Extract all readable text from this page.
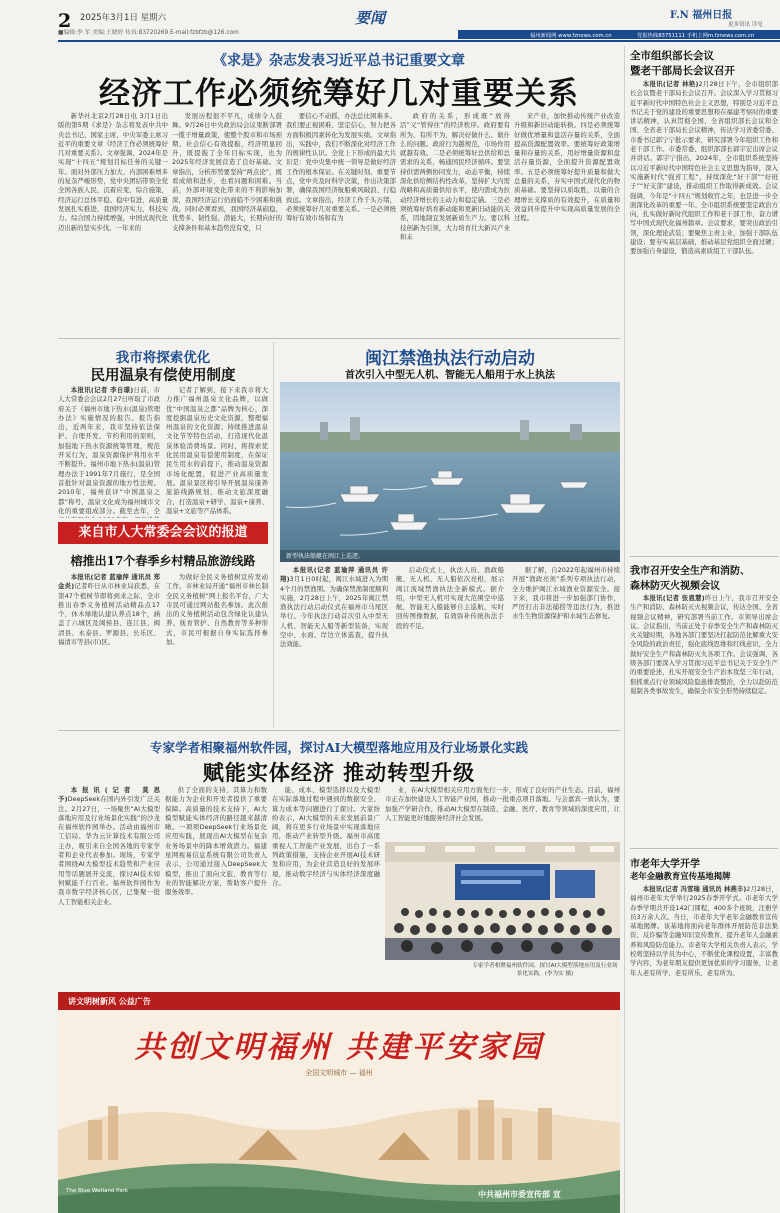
2 2025年3月1日 星期六	要闻
■编辑:李 军 美编:王晓婷 传真:83720269 E-mail:fzbfzb@126.com
F.N 福州日报
更多资讯 详见
福州新闻网 www.fznews.com.cn	党报热线83751111 手机上网m.fznews.com.cn
《求是》杂志发表习近平总书记重要文章
经济工作必须统筹好几对重要关系

新华社北京2月28日电 3月1日出版的第5期《求是》杂志将发表中共中央总书记、国家主席、中央军委主席习近平的重要文章《经济工作必须统筹好几对重要关系》。文章强调，2024年是实现“十四五”规划目标任务的关键一年。面对外部压力加大、内部困难增多的复杂严峻形势，党中央团结带领全党全国各族人民，沉着应变、综合施策，经济运行总体平稳、稳中有进，高质量发展扎实推进，我国经济实力、科技实力、综合国力持续增强，中国式现代化迈出新的坚实步伐。一年来的

发展历程很不平凡，成绩令人鼓舞。9月26日中央政治局会议果断部署一揽子增量政策，使整个股市和市场预期、社会信心有效提振，经济明显回升，既提振了全年目标实现，也为2025年经济发展营造了良好基础。文章指出，分析形势要坚持“两点论”，既看成绩和进步，也看问题和困难。当前，外部环境变化带来的不利影响加深，我国经济运行仍面临不少困难和挑战。同时必须看到，我国经济基础稳、优势多、韧性强、潜能大，长期向好的支撑条件和基本趋势没有变，只

要信心不动摇，办法总比困难多。我们要正视困难、坚定信心，努力把各方面积极因素转化为发展实绩。文章指出，实践中，我们不断深化对经济工作的规律性认识。全党上下形成的最大共识是：党中央集中统一领导是做好经济工作的根本保证。在关键时刻、重要节点，党中央及时科学决策，作出决策部署，确保我国经济航船乘风破浪、行稳致远。文章指出，经济工作千头万绪，必须统筹好几对重要关系。一是必须统筹好有效市场和有为

政府的关系，形成既“放得活”又“管得住”的经济秩序。政府要有所为、有所不为，解决好做什么、做什么的问题。政府行为越规范，市场作用就越有效。二是必须统筹好总供给和总需求的关系，畅通国民经济循环。要坚持供需两侧协同发力，动态平衡，持续深化供给侧结构性改革，坚持扩大内需战略和高质量供给水平，使内需成为拉动经济增长的主动力和稳定锚。三是必须统筹好培育新动能和更新旧动能的关系，因地制宜发展新质生产力。要以科技创新为引领，大力培育壮大新兴产业和未

来产业，加快推动传统产业改造升级和新旧动能转换。四是必须统筹好做优增量和盘活存量的关系，全面提高资源配置效率。要统筹好政策增量和存量的关系，用好增量资源和盘活存量资源，全面提升资源配置效率。五是必须统筹好提升质量和做大总量的关系，夯实中国式现代化的物质基础。要坚持以质取胜，以量的合理增长支撑质的有效提升，在质量和效益同步提升中实现高质量发展的全过程。

我市将探索优化
民用温泉有偿使用制度

本报讯(记者 李自璟)日前，市人大常委会会议2月27日听取了市政府关于《福州市地下热水(温泉)管理办法》实施情况的报告。报告指出，近两年来，我市坚持依法保护、合理开发、节约利用的原则，加强地下热水资源统筹管理，规范开采行为，温泉资源保护利用水平不断提升。福州市地下热水(温泉)管理办法于1991年7月施行，是全国首批针对温泉资源的地方性法规。2010年，福州获评“中国温泉之都”称号，温泉文化成为福州城市文化的重要组成部分。截至去年，全

记者了解到，接下来我市将大力推广福州温泉文化品牌，以做优“中国温泉之都”品牌为核心，深度挖掘温泉历史文化资源，整理福州温泉的文化资源；持续推进温泉文化节等特色活动，打造现代化温泉体验消费场景。同时，将探索优化民用温泉有偿使用制度，在保证民生用水的前提下，推动温泉资源市场化配置，促进产业高质量发展。温泉景区将引导开展温泉康养旅游线路规划，推动文旅深度融合，打造温泉+研学、温泉+康养、温泉+文旅等产品体系。

来自市人大常委会会议的报道
榕推出17个春季乡村精品旅游线路

本报讯(记者 蓝瑜萍 通讯员 郑金炎)记者昨日从市林业局获悉，在第47个植树节即将到来之际，全市推出春季义务植树活动精品点17个，休木绿地认建认养点18个，涵盖了六城区及闽侯县、连江县、闽清县、永泰县、罗源县、长乐区、福清市等县(市)区。

为做好全民义务植树宣传发动工作，市林业局开通“福州市林长制全民义务植树”网上报名平台，广大市民可通过网站报名参加。此次推出的义务植树活动包含绿化认建认养、抚育管护、自然教育等多种形式，市民可根据自身实际选择参加。

闽江禁渔执法行动启动
首次引入中型无人机、智能无人船用于水上执法
新型执法船艇在闽江上巡逻。

本报讯(记者 蓝瑜萍 通讯员 许翔)3月1日0时起，闽江水域进入为期4个月的禁渔期。为确保禁渔制度顺利实施，2月28日上午，2025年闽江禁渔执法行动启动仪式在福州市马尾区举行。今年执法行动首次引入中型无人机、智能无人船等新型装备，实现空中、水面、岸边立体巡查，提升执法效能。

启动仪式上，执法人员、渔政船艇、无人机、无人船依次亮相，展示闽江流域禁渔执法全新模式。据介绍，中型无人机可实现大范围空中巡航，智能无人船能够自主巡航、实时回传图像数据，有效弥补传统执法手段的不足。

据了解，自2022年起福州市持续开展“渔政亮剑”系列专项执法行动，全力维护闽江水域渔业资源安全。接下来，我市将进一步加强部门协作，严厉打击非法捕捞等违法行为，推进水生生物资源保护和水域生态修复。

专家学者相聚福州软件园，探讨AI大模型落地应用及行业场景化实践
赋能实体经济 推动转型升级

本报讯(记者 莫思予)DeepSeek在国内外引发广泛关注。2月27日，一场聚焦“AI大模型落地应用及行业场景化实践”的沙龙在福州软件园举办。活动由福州市工信局、华为云计算技术有限公司主办，吸引来自全国各地的专家学者和企业代表参加。现场，专家学者围绕AI大模型技术趋势和产业应用等话题展开交流，探讨AI技术如何赋能千行百业。福州软件园作为我市数字经济核心区，已集聚一批人工智能相关企业。

供了全面的支持，其算力和数据能力为企业和开发者提供了重要保障。高质量的技术支持下，AI大模型赋能实体经济的路径越来越清晰。一项项DeepSeek行业场景化应用实践，展现出AI大模型在复杂业务场景中的降本增效潜力。福建星网视易信息系统有限公司负责人表示，公司通过接入DeepSeek大模型，推出了面向文旅、教育等行业的智能解决方案，帮助客户提升服务效率。

能、成本、模型选择以及大模型在实际落地过程中遇到的数据安全、算力成本等问题进行了探讨。大家纷纷表示，AI大模型的未来发展前景广阔，将在更多行业场景中实现落地应用，推动产业转型升级。福州市高度重视人工智能产业发展，出台了一系列政策措施，支持企业开展AI技术研发和应用，为企业营造良好的发展环境，推动数字经济与实体经济深度融合。

业，在AI大模型相关应用方面先行一步，形成了良好的产业生态。目前，福州市正在加快建设人工智能产业园，推动一批重点项目落地。与会嘉宾一致认为，要加强产学研合作，推动AI大模型在制造、金融、医疗、教育等领域的深度应用，让人工智能更好地服务经济社会发展。

专家学者相聚福州软件园，探讨AI大模型落地应用及行业场景化实践。(李为实 摄)
讲文明树新风 公益广告
共创文明福州 共建平安家园
全国文明城市 — 福州
The Blue Wetland Park	中共福州市委宣传部 宣
全市组织部长会议
暨老干部局长会议召开

本报讯(记者 林艳)2月28日下午，全市组织部长会议暨老干部局长会议召开。会议深入学习贯彻习近平新时代中国特色社会主义思想，特别是习近平总书记关于党的建设的重要思想和在福建考察时的重要讲话精神，认真贯彻全国、全省组织部长会议和全国、全省老干部局长会议精神，传达学习省委常委、市委书记郭宁宁批示要求，研究部署今年组织工作和老干部工作。市委常委、组织部部长郭宇宏出席会议并讲话。郭宇宁指出，2024年，全市组织系统坚持以习近平新时代中国特色社会主义思想为指导，深入实施新时代“强省工程”，持续深化“好干部”“好班子”“好支部”建设，推动组织工作取得新成效。会议强调，今年是“十四五”规划收官之年，也是进一步全面深化改革的重要一年。全市组织系统要坚定政治方向，扎实做好新时代组织工作和老干部工作，奋力谱写中国式现代化福州篇章。会议要求，要突出政治引领，深化理论武装；要聚焦主责主业，加强干部队伍建设；要夯实基层基础，推动基层党组织全面过硬；要加强自身建设，锻造高素质组工干部队伍。

我市召开安全生产和消防、
森林防灭火视频会议

本报讯(记者 张恩慧)昨日上午，我市召开安全生产和消防、森林防灭火视频会议，传达全国、全省视频会议精神，研究部署当前工作。市领导出席会议。会议指出，当前正处于春季安全生产和森林防灭火关键时期，各地各部门要坚决扛起防范化解重大安全风险的政治责任，强化底线思维和红线意识，全力做好安全生产和森林防灭火各项工作。会议强调，各级各部门要深入学习贯彻习近平总书记关于安全生产的重要论述，扎实开展安全生产治本攻坚三年行动，狠抓重点行业领域风险隐患排查整治，全力以赴防范遏制各类事故发生，确保全市安全形势持续稳定。

市老年大学开学
老年金融教育宣传基地揭牌

本报讯(记者 冯雪瑞 通讯员 林燕丰)2月28日，福州市老年大学举行2025春季开学式。市老年大学春季学期共开设142门课程，400多个班级，注册学员3万余人次。当日，市老年大学老年金融教育宣传基地揭牌。该基地将面向老年群体开展防范非法集资、反诈骗等金融知识宣传教育，提升老年人金融素养和风险防范能力。市老年大学相关负责人表示，学校将坚持以学员为中心，不断优化课程设置，丰富教学内容，为老年朋友提供更加优质的学习服务，让老年人老有所学、老有所乐、老有所为。
